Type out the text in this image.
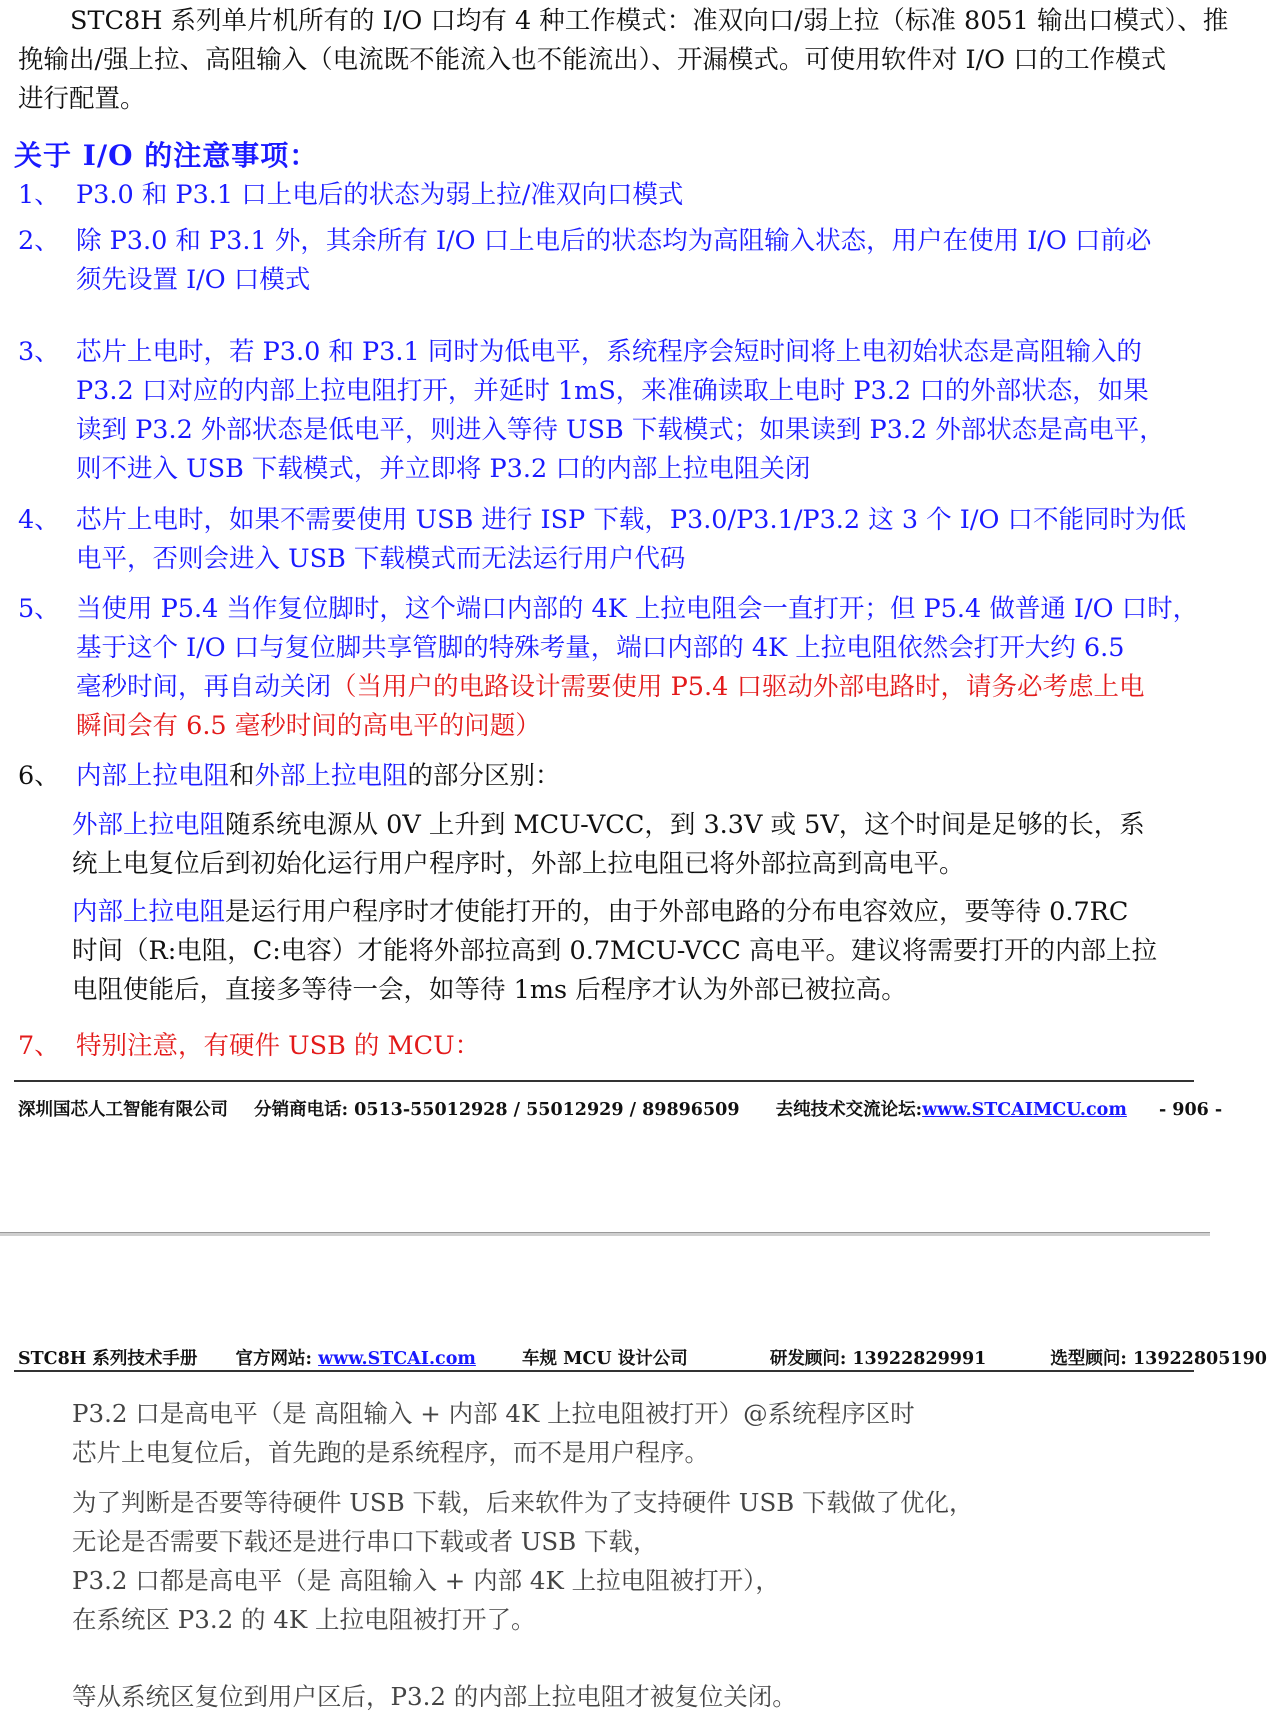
STC8H 系列单片机所有的 I/O 口均有 4 种工作模式：准双向口/弱上拉（标准 8051 输出口模式）、推
挽输出/强上拉、高阻输入（电流既不能流入也不能流出）、开漏模式。可使用软件对 I/O 口的工作模式
进行配置。
关于 I/O 的注意事项：
1、 P3.0 和 P3.1 口上电后的状态为弱上拉/准双向口模式
2、 除 P3.0 和 P3.1 外，其余所有 I/O 口上电后的状态均为高阻输入状态，用户在使用 I/O 口前必
须先设置 I/O 口模式
3、 芯片上电时，若 P3.0 和 P3.1 同时为低电平，系统程序会短时间将上电初始状态是高阻输入的
P3.2 口对应的内部上拉电阻打开，并延时 1mS，来准确读取上电时 P3.2 口的外部状态，如果
读到 P3.2 外部状态是低电平，则进入等待 USB 下载模式；如果读到 P3.2 外部状态是高电平，
则不进入 USB 下载模式，并立即将 P3.2 口的内部上拉电阻关闭
4、 芯片上电时，如果不需要使用 USB 进行 ISP 下载，P3.0/P3.1/P3.2 这 3 个 I/O 口不能同时为低
电平，否则会进入 USB 下载模式而无法运行用户代码
5、 当使用 P5.4 当作复位脚时，这个端口内部的 4K 上拉电阻会一直打开；但 P5.4 做普通 I/O 口时，
基于这个 I/O 口与复位脚共享管脚的特殊考量，端口内部的 4K 上拉电阻依然会打开大约 6.5
毫秒时间，再自动关闭（当用户的电路设计需要使用 P5.4 口驱动外部电路时，请务必考虑上电
瞬间会有 6.5 毫秒时间的高电平的问题）
6、 内部上拉电阻和外部上拉电阻的部分区别：
外部上拉电阻随系统电源从 0V 上升到 MCU-VCC，到 3.3V 或 5V，这个时间是足够的长，系
统上电复位后到初始化运行用户程序时，外部上拉电阻已将外部拉高到高电平。
内部上拉电阻是运行用户程序时才使能打开的，由于外部电路的分布电容效应，要等待 0.7RC
时间（R:电阻，C:电容）才能将外部拉高到 0.7MCU-VCC 高电平。建议将需要打开的内部上拉
电阻使能后，直接多等待一会，如等待 1ms 后程序才认为外部已被拉高。
7、 特别注意，有硬件 USB 的 MCU：
深圳国芯人工智能有限公司 分销商电话: 0513-55012928 / 55012929 / 89896509 去纯技术交流论坛:www.STCAIMCU.com - 906 -
STC8H 系列技术手册 官方网站: www.STCAI.com	车规 MCU 设计公司	研发顾问: 13922829991	选型顾问: 13922805190
P3.2 口是高电平（是 高阻输入 + 内部 4K 上拉电阻被打开）@系统程序区时
芯片上电复位后，首先跑的是系统程序，而不是用户程序。
为了判断是否要等待硬件 USB 下载，后来软件为了支持硬件 USB 下载做了优化，
无论是否需要下载还是进行串口下载或者 USB 下载，
P3.2 口都是高电平（是 高阻输入 + 内部 4K 上拉电阻被打开），
在系统区 P3.2 的 4K 上拉电阻被打开了。
等从系统区复位到用户区后，P3.2 的内部上拉电阻才被复位关闭。
